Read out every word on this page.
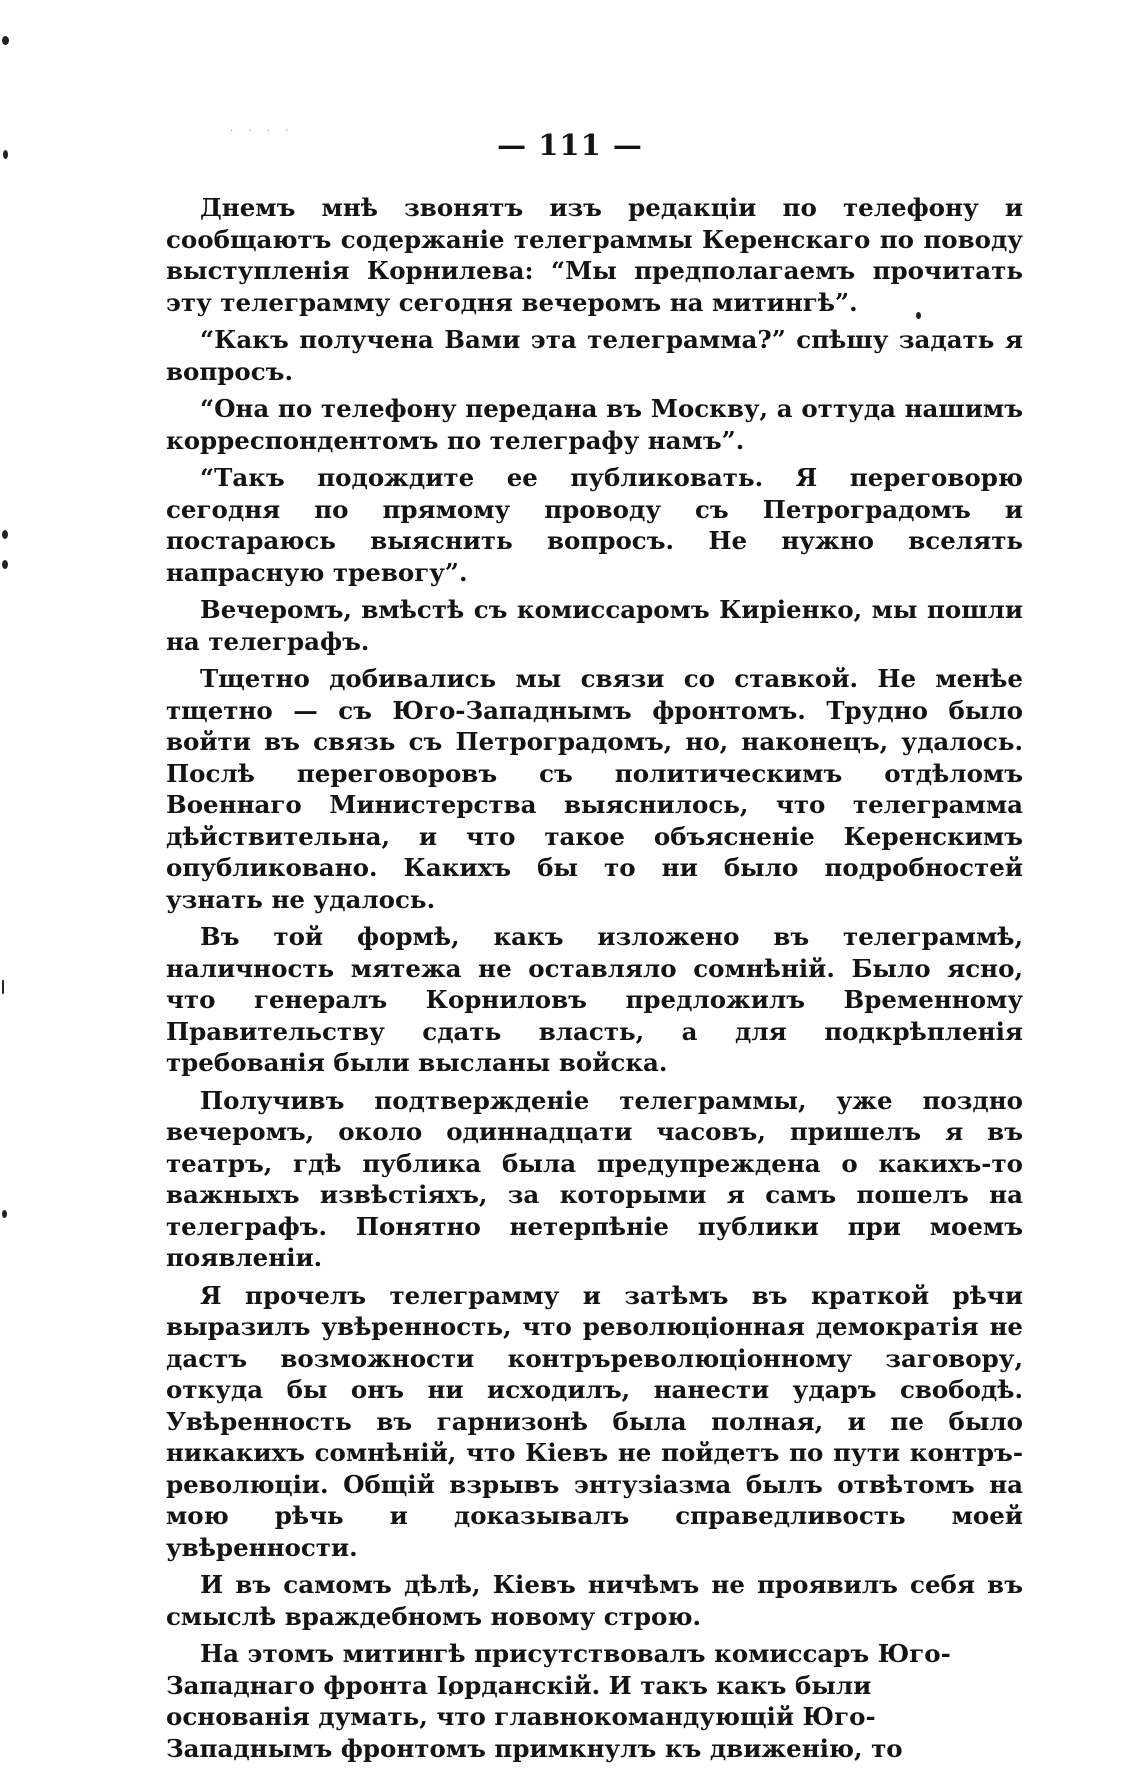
· · · ·	— 111 —

Днемъ мнѣ звонятъ изъ редакціи по телефону и сообщаютъ содержаніе телеграммы Керенскаго по поводу выступленія Корнилева: “Мы предполагаемъ прочитать эту телеграмму сегодня вечеромъ на митингѣ”.

“Какъ получена Вами эта телеграмма?” спѣшу задать я вопросъ.

“Она по телефону передана въ Москву, а оттуда нашимъ корреспондентомъ по телеграфу намъ”.

“Такъ подождите ее публиковать. Я переговорю сегодня по прямому проводу съ Петроградомъ и постараюсь выяснить вопросъ. Не нужно вселять напрасную тревогу”.

Вечеромъ, вмѣстѣ съ комиссаромъ Киріенко, мы пошли на телеграфъ.

Тщетно добивались мы связи со ставкой. Не менѣе тщетно — съ Юго-Западнымъ фронтомъ. Трудно было войти въ связь съ Петроградомъ, но, наконецъ, удалось. Послѣ переговоровъ съ политическимъ отдѣломъ Военнаго Министерства выяснилось, что телеграмма дѣйствительна, и что такое объясненіе Керенскимъ опубликовано. Какихъ бы то ни было подробностей узнать не удалось.

Въ той формѣ, какъ изложено въ телеграммѣ, наличность мятежа не оставляло сомнѣній. Было ясно, что генералъ Корниловъ предложилъ Временному Правительству сдать власть, а для подкрѣпленія требованія были высланы войска.

Получивъ подтвержденіе телеграммы, уже поздно вечеромъ, около одиннадцати часовъ, пришелъ я въ театръ, гдѣ публика была предупреждена о какихъ-то важныхъ извѣстіяхъ, за которыми я самъ пошелъ на телеграфъ. Понятно нетерпѣніе публики при моемъ появленіи.

Я прочелъ телеграмму и затѣмъ въ краткой рѣчи выразилъ увѣренность, что революціонная демократія не дастъ возможности контръреволюціонному заговору, откуда бы онъ ни исходилъ, нанести ударъ свободѣ. Увѣренность въ гарнизонѣ была полная, и пе было никакихъ сомнѣній, что Кіевъ не пойдетъ по пути контръ-революціи. Общій взрывъ энтузіазма былъ отвѣтомъ на мою рѣчь и доказывалъ справедливость моей увѣренности.

И въ самомъ дѣлѣ, Кіевъ ничѣмъ не проявилъ себя въ смыслѣ враждебномъ новому строю.

На этомъ митингѣ присутствовалъ комиссаръ Юго-Западнаго фронта Іорданскій. И такъ какъ были основанія думать, что главнокомандующій Юго-Западнымъ фронтомъ примкнулъ къ движенію, то
